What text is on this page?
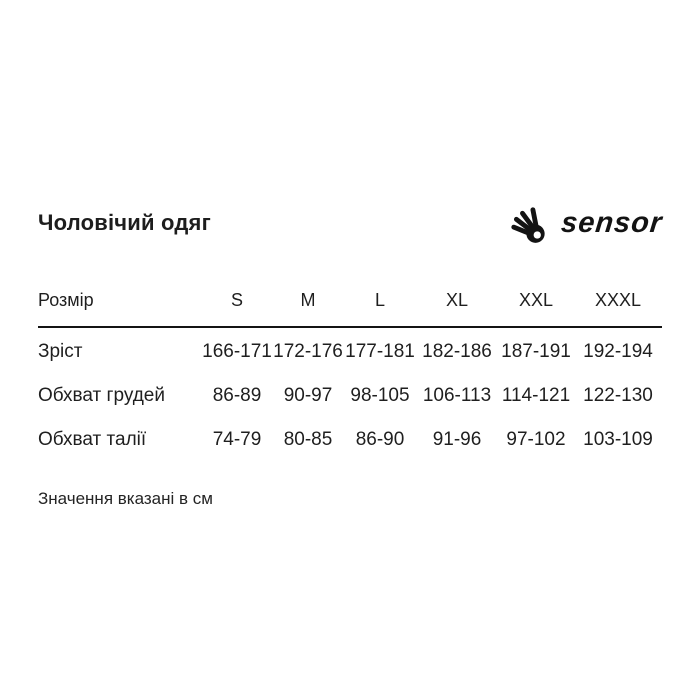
Чоловічий одяг	sensor
Розмір	S	M	L	XL	XXL	XXXL
Зріст	166-171	172-176	177-181	182-186	187-191	192-194
Обхват грудей	86-89	90-97	98-105	106-113	114-121	122-130
Обхват талії	74-79	80-85	86-90	91-96	97-102	103-109
Значення вказані в см
